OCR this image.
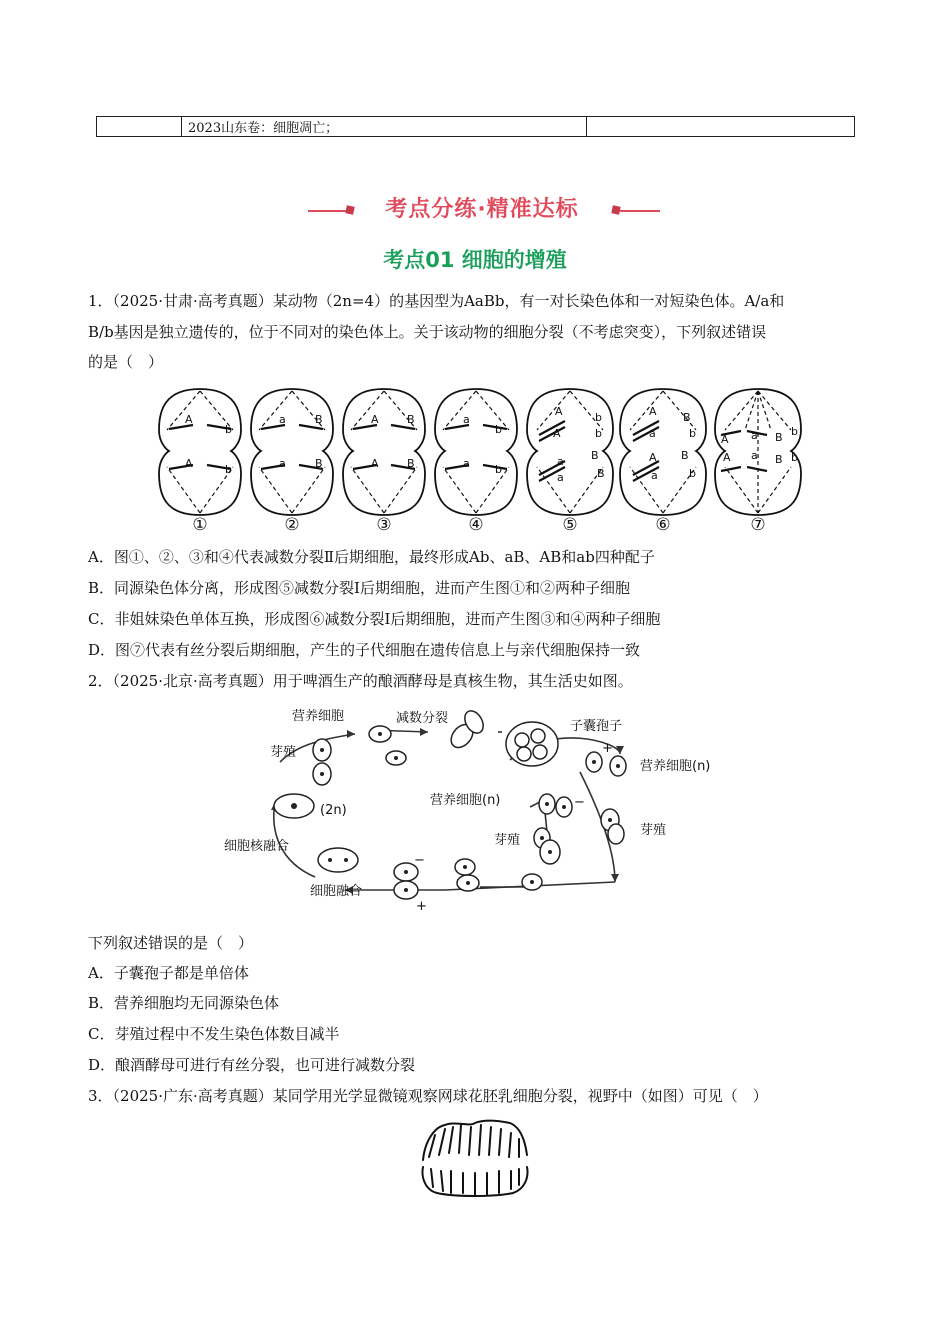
	2023山东卷：细胞凋亡；	
考点分练·精准达标
考点01 细胞的增殖
1．（2025·甘肃·高考真题）某动物（2n=4）的基因型为AaBb，有一对长染色体和一对短染色体。A/a和
B/b基因是独立遗传的，位于不同对的染色体上。关于该动物的细胞分裂（不考虑突变），下列叙述错误
的是（　）
A
b
A	b
a	B
a	B
A	B
A	B
a
b
a b
A
A
b
b
a
a
B
B
A
a
B
b
A
a
B
b
A a B b
A a B b
①	②	③	④	⑤	⑥	⑦
A．图①、②、③和④代表减数分裂Ⅱ后期细胞，最终形成Ab、aB、AB和ab四种配子
B．同源染色体分离，形成图⑤减数分裂Ⅰ后期细胞，进而产生图①和②两种子细胞
C．非姐妹染色单体互换，形成图⑥减数分裂Ⅰ后期细胞，进而产生图③和④两种子细胞
D．图⑦代表有丝分裂后期细胞，产生的子代细胞在遗传信息上与亲代细胞保持一致
2．（2025·北京·高考真题）用于啤酒生产的酿酒酵母是真核生物，其生活史如图。
营养细胞	减数分裂
子囊孢子
+
营养细胞(n)
芽殖
(2n)
营养细胞(n)	−
芽殖
芽殖
细胞核融合
−
细胞融合
+
下列叙述错误的是（　）
A．子囊孢子都是单倍体
B．营养细胞均无同源染色体
C．芽殖过程中不发生染色体数目减半
D．酿酒酵母可进行有丝分裂，也可进行减数分裂
3．（2025·广东·高考真题）某同学用光学显微镜观察网球花胚乳细胞分裂，视野中（如图）可见（　）
